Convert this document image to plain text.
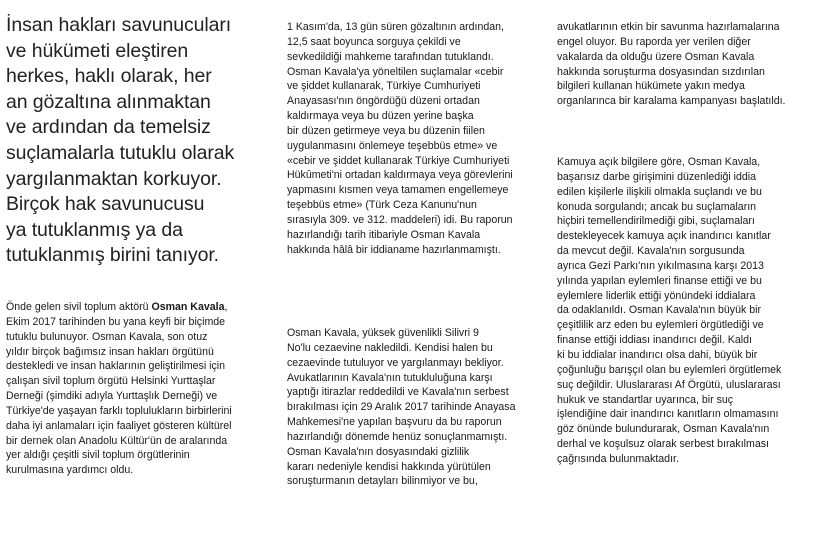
İnsan hakları savunucuları
ve hükümeti eleştiren
herkes, haklı olarak, her
an gözaltına alınmaktan
ve ardından da temelsiz
suçlamalarla tutuklu olarak
yargılanmaktan korkuyor.
Birçok hak savunucusu
ya tutuklanmış ya da
tutuklanmış birini tanıyor.
Önde gelen sivil toplum aktörü Osman Kavala,
Ekim 2017 tarihinden bu yana keyfi bir biçimde
tutuklu bulunuyor. Osman Kavala, son otuz
yıldır birçok bağımsız insan hakları örgütünü
destekledi ve insan haklarının geliştirilmesi için
çalışan sivil toplum örgütü Helsinki Yurttaşlar
Derneği (şimdiki adıyla Yurttaşlık Derneği) ve
Türkiye'de yaşayan farklı toplulukların birbirlerini
daha iyi anlamaları için faaliyet gösteren kültürel
bir dernek olan Anadolu Kültür'ün de aralarında
yer aldığı çeşitli sivil toplum örgütlerinin
kurulmasına yardımcı oldu.
1 Kasım'da, 13 gün süren gözaltının ardından,
12,5 saat boyunca sorguya çekildi ve
sevkedildiği mahkeme tarafından tutuklandı.
Osman Kavala'ya yöneltilen suçlamalar «cebir
ve şiddet kullanarak, Türkiye Cumhuriyeti
Anayasası'nın öngördüğü düzeni ortadan
kaldırmaya veya bu düzen yerine başka
bir düzen getirmeye veya bu düzenin fiilen
uygulanmasını önlemeye teşebbüs etme» ve
«cebir ve şiddet kullanarak Türkiye Cumhuriyeti
Hükûmeti'ni ortadan kaldırmaya veya görevlerini
yapmasını kısmen veya tamamen engellemeye
teşebbüs etme» (Türk Ceza Kanunu'nun
sırasıyla 309. ve 312. maddeleri) idi. Bu raporun
hazırlandığı tarih itibariyle Osman Kavala
hakkında hâlâ bir iddianame hazırlanmamıştı.
Osman Kavala, yüksek güvenlikli Silivri 9
No'lu cezaevine nakledildi. Kendisi halen bu
cezaevinde tutuluyor ve yargılanmayı bekliyor.
Avukatlarının Kavala'nın tutukluluğuna karşı
yaptığı itirazlar reddedildi ve Kavala'nın serbest
bırakılması için 29 Aralık 2017 tarihinde Anayasa
Mahkemesi'ne yapılan başvuru da bu raporun
hazırlandığı dönemde henüz sonuçlanmamıştı.
Osman Kavala'nın dosyasındaki gizlilik
kararı nedeniyle kendisi hakkında yürütülen
soruşturmanın detayları bilinmiyor ve bu,
avukatlarının etkin bir savunma hazırlamalarına
engel oluyor. Bu raporda yer verilen diğer
vakalarda da olduğu üzere Osman Kavala
hakkında soruşturma dosyasından sızdırılan
bilgileri kullanan hükümete yakın medya
organlarınca bir karalama kampanyası başlatıldı.
Kamuya açık bilgilere göre, Osman Kavala,
başarısız darbe girişimini düzenlediği iddia
edilen kişilerle ilişkili olmakla suçlandı ve bu
konuda sorgulandı; ancak bu suçlamaların
hiçbiri temellendirilmediği gibi, suçlamaları
destekleyecek kamuya açık inandırıcı kanıtlar
da mevcut değil. Kavala'nın sorgusunda
ayrıca Gezi Parkı'nın yıkılmasına karşı 2013
yılında yapılan eylemleri finanse ettiği ve bu
eylemlere liderlik ettiği yönündeki iddialara
da odaklanıldı. Osman Kavala'nın büyük bir
çeşitlilik arz eden bu eylemleri örgütlediği ve
finanse ettiği iddiası inandırıcı değil. Kaldı
ki bu iddialar inandırıcı olsa dahi, büyük bir
çoğunluğu barışçıl olan bu eylemleri örgütlemek
suç değildir. Uluslararası Af Örgütü, uluslararası
hukuk ve standartlar uyarınca, bir suç
işlendiğine dair inandırıcı kanıtların olmamasını
göz önünde bulundurarak, Osman Kavala'nın
derhal ve koşulsuz olarak serbest bırakılması
çağrısında bulunmaktadır.
